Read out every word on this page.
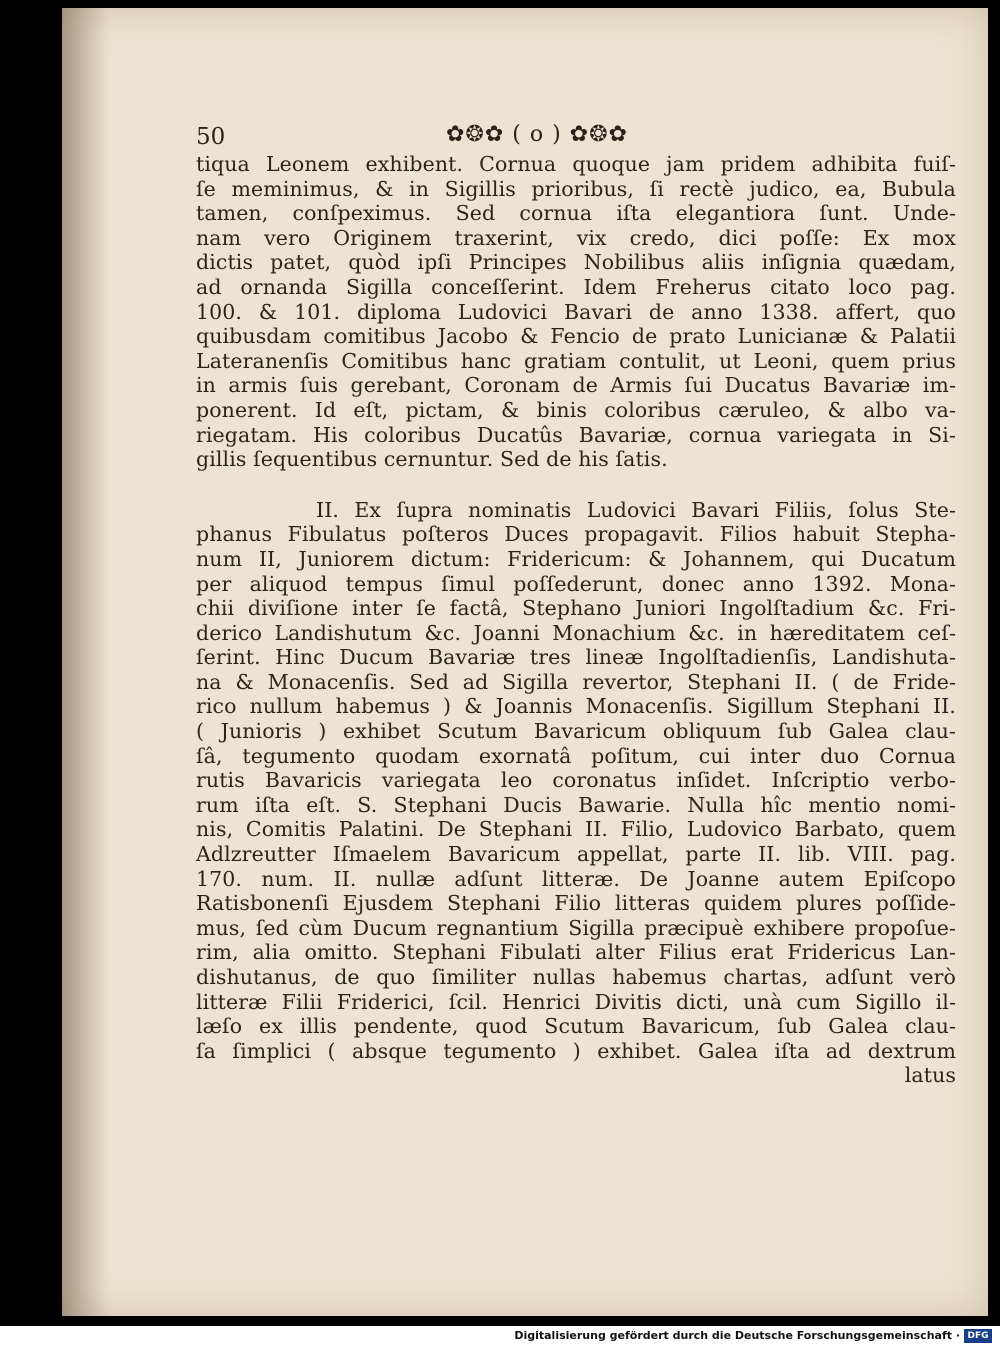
50	✿❂✿ ( o ) ✿❂✿
tiqua Leonem exhibent. Cornua quoque jam pridem adhibita fuiſ-
ſe meminimus, & in Sigillis prioribus, ſi rectè judico, ea, Bubula
tamen, conſpeximus. Sed cornua iſta elegantiora ſunt. Unde-
nam vero Originem traxerint, vix credo, dici poſſe: Ex mox
dictis patet, quòd ipſi Principes Nobilibus aliis inſignia quædam,
ad ornanda Sigilla conceſſerint. Idem Freherus citato loco pag.
100. & 101. diploma Ludovici Bavari de anno 1338. affert, quo
quibusdam comitibus Jacobo & Fencio de prato Lunicianæ & Palatii
Lateranenſis Comitibus hanc gratiam contulit, ut Leoni, quem prius
in armis ſuis gerebant, Coronam de Armis ſui Ducatus Bavariæ im-
ponerent. Id eſt, pictam, & binis coloribus cæruleo, & albo va-
riegatam. His coloribus Ducatûs Bavariæ, cornua variegata in Si-
gillis ſequentibus cernuntur. Sed de his ſatis.
II. Ex ſupra nominatis Ludovici Bavari Filiis, ſolus Ste-
phanus Fibulatus poſteros Duces propagavit. Filios habuit Stepha-
num II, Juniorem dictum: Fridericum: & Johannem, qui Ducatum
per aliquod tempus ſimul poſſederunt, donec anno 1392. Mona-
chii diviſione inter ſe factâ, Stephano Juniori Ingolſtadium &c. Fri-
derico Landishutum &c. Joanni Monachium &c. in hæreditatem ceſ-
ſerint. Hinc Ducum Bavariæ tres lineæ Ingolſtadienſis, Landishuta-
na & Monacenſis. Sed ad Sigilla revertor, Stephani II. ( de Fride-
rico nullum habemus ) & Joannis Monacenſis. Sigillum Stephani II.
( Junioris ) exhibet Scutum Bavaricum obliquum ſub Galea clau-
ſâ, tegumento quodam exornatâ poſitum, cui inter duo Cornua
rutis Bavaricis variegata leo coronatus inſidet. Inſcriptio verbo-
rum iſta eſt. S. Stephani Ducis Bawarie. Nulla hîc mentio nomi-
nis, Comitis Palatini. De Stephani II. Filio, Ludovico Barbato, quem
Adlzreutter Iſmaelem Bavaricum appellat, parte II. lib. VIII. pag.
170. num. II. nullæ adſunt litteræ. De Joanne autem Epiſcopo
Ratisbonenſi Ejusdem Stephani Filio litteras quidem plures poſſide-
mus, ſed cùm Ducum regnantium Sigilla præcipuè exhibere propoſue-
rim, alia omitto. Stephani Fibulati alter Filius erat Fridericus Lan-
dishutanus, de quo ſimiliter nullas habemus chartas, adſunt verò
litteræ Filii Friderici, ſcil. Henrici Divitis dicti, unà cum Sigillo il-
læſo ex illis pendente, quod Scutum Bavaricum, ſub Galea clau-
ſa ſimplici ( absque tegumento ) exhibet. Galea iſta ad dextrum
latus
Digitalisierung gefördert durch die Deutsche Forschungsgemeinschaft · DFG
